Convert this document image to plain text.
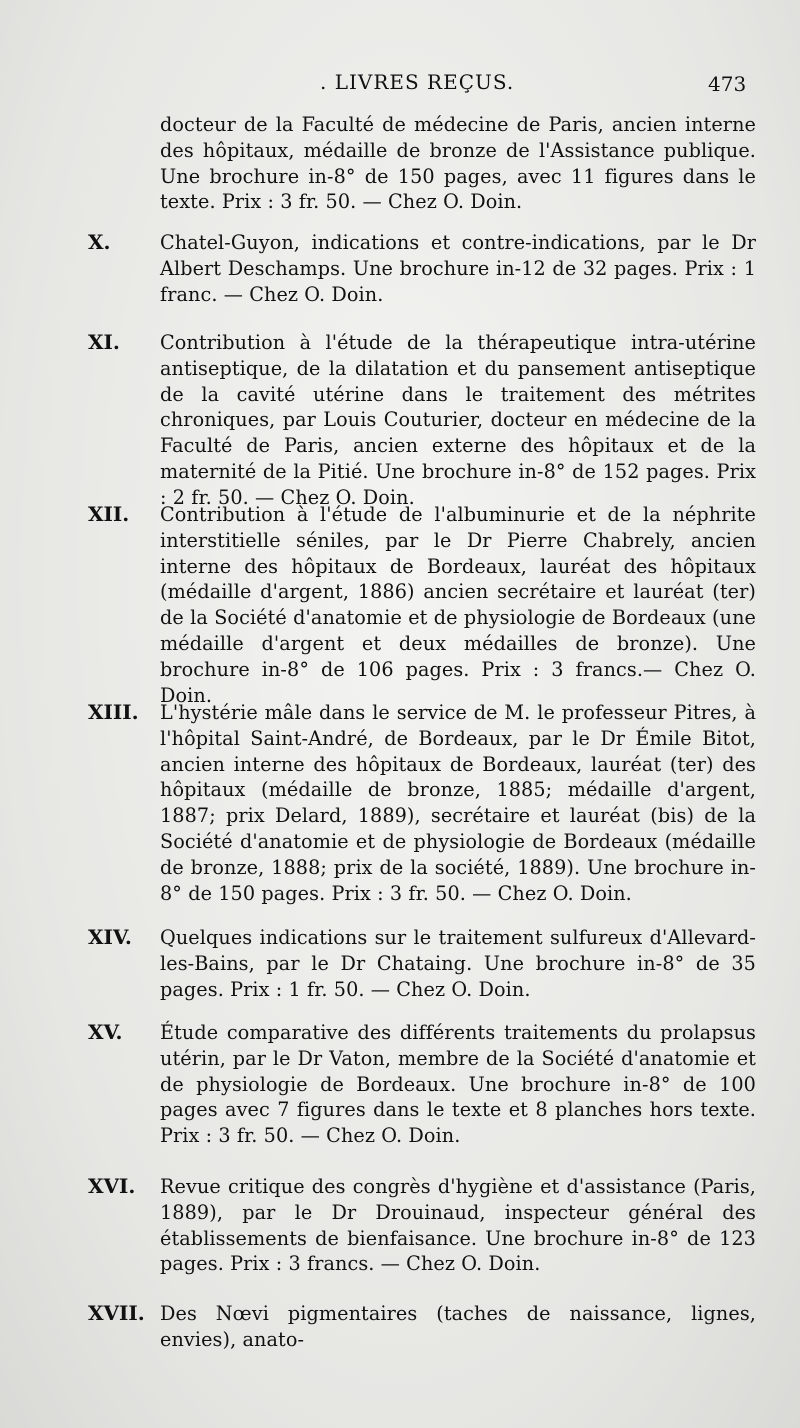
. LIVRES REÇUS.	473
docteur de la Faculté de médecine de Paris, ancien interne des hôpitaux, médaille de bronze de l'Assistance publique. Une brochure in-8° de 150 pages, avec 11 figures dans le texte. Prix : 3 fr. 50. — Chez O. Doin.
X.	Chatel-Guyon, indications et contre-indications, par le Dr Albert Deschamps. Une brochure in-12 de 32 pages. Prix : 1 franc. — Chez O. Doin.
XI.	Contribution à l'étude de la thérapeutique intra-utérine antiseptique, de la dilatation et du pansement antiseptique de la cavité utérine dans le traitement des métrites chroniques, par Louis Couturier, docteur en médecine de la Faculté de Paris, ancien externe des hôpitaux et de la maternité de la Pitié. Une brochure in-8° de 152 pages. Prix : 2 fr. 50. — Chez O. Doin.
XII.	Contribution à l'étude de l'albuminurie et de la néphrite interstitielle séniles, par le Dr Pierre Chabrely, ancien interne des hôpitaux de Bordeaux, lauréat des hôpitaux (médaille d'argent, 1886) ancien secrétaire et lauréat (ter) de la Société d'anatomie et de physiologie de Bordeaux (une médaille d'argent et deux médailles de bronze). Une brochure in-8° de 106 pages. Prix : 3 francs.— Chez O. Doin.
XIII.	L'hystérie mâle dans le service de M. le professeur Pitres, à l'hôpital Saint-André, de Bordeaux, par le Dr Émile Bitot, ancien interne des hôpitaux de Bordeaux, lauréat (ter) des hôpitaux (médaille de bronze, 1885; médaille d'argent, 1887; prix Delard, 1889), secrétaire et lauréat (bis) de la Société d'anatomie et de physiologie de Bordeaux (médaille de bronze, 1888; prix de la société, 1889). Une brochure in-8° de 150 pages. Prix : 3 fr. 50. — Chez O. Doin.
XIV.	Quelques indications sur le traitement sulfureux d'Allevard-les-Bains, par le Dr Chataing. Une brochure in-8° de 35 pages. Prix : 1 fr. 50. — Chez O. Doin.
XV.	Étude comparative des différents traitements du prolapsus utérin, par le Dr Vaton, membre de la Société d'anatomie et de physiologie de Bordeaux. Une brochure in-8° de 100 pages avec 7 figures dans le texte et 8 planches hors texte. Prix : 3 fr. 50. — Chez O. Doin.
XVI.	Revue critique des congrès d'hygiène et d'assistance (Paris, 1889), par le Dr Drouinaud, inspecteur général des établissements de bienfaisance. Une brochure in-8° de 123 pages. Prix : 3 francs. — Chez O. Doin.
XVII. Des Nœvi pigmentaires (taches de naissance, lignes, envies), anato-
